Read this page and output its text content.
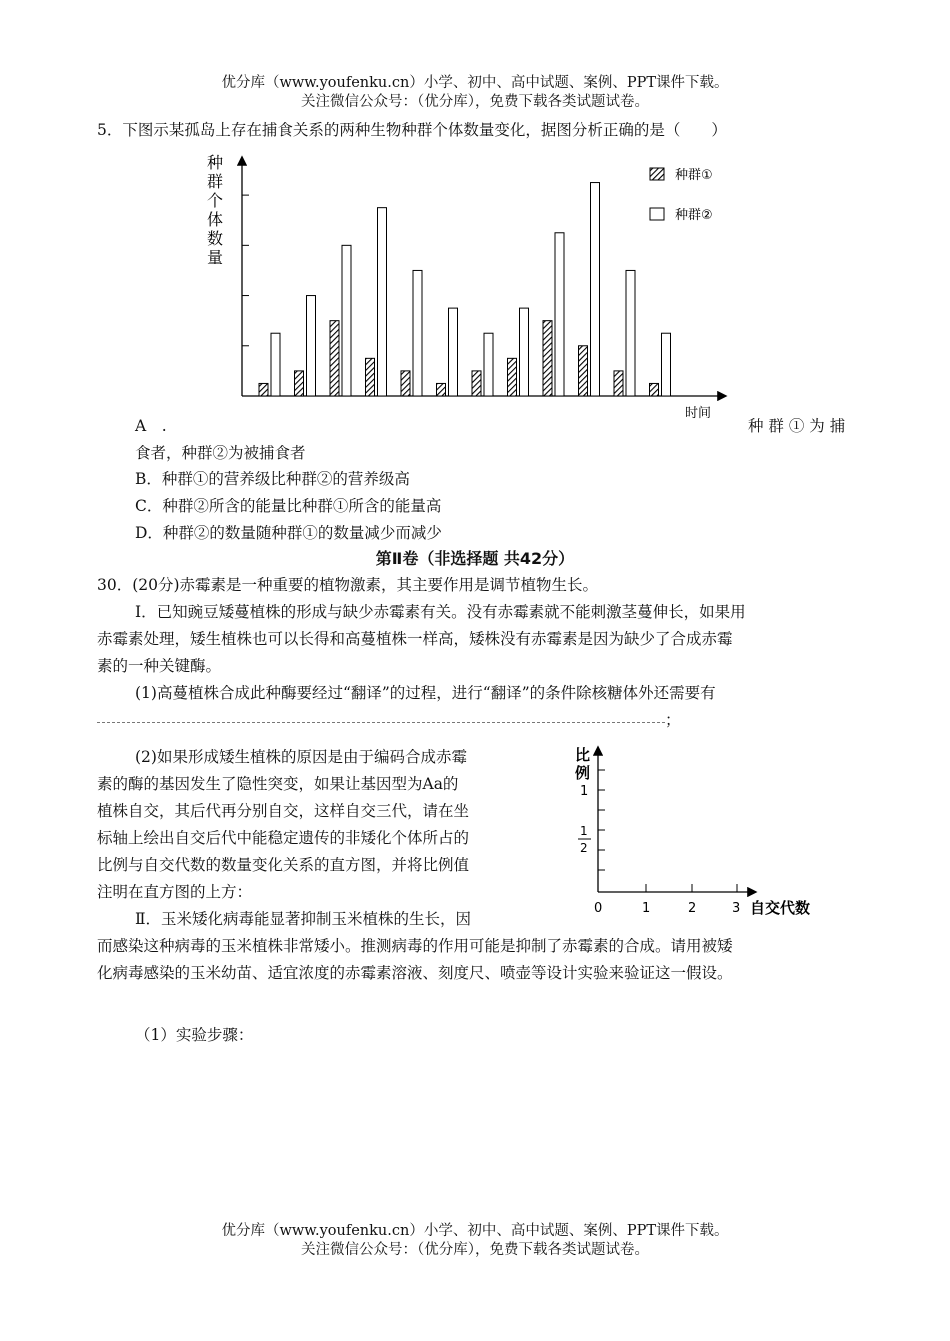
优分库（www.youfenku.cn）小学、初中、高中试题、案例、PPT课件下载。
关注微信公众号：（优分库），免费下载各类试题试卷。
5．下图示某孤岛上存在捕食关系的两种生物种群个体数量变化，据图分析正确的是（　　）
种
群
个
体
数
量
时间
种群①
种群②
A　.	种 群 ① 为 捕
食者，种群②为被捕食者
B．种群①的营养级比种群②的营养级高
C．种群②所含的能量比种群①所含的能量高
D．种群②的数量随种群①的数量减少而减少
第Ⅱ卷（非选择题 共42分）
30．(20分)赤霉素是一种重要的植物激素，其主要作用是调节植物生长。
Ⅰ．已知豌豆矮蔓植株的形成与缺少赤霉素有关。没有赤霉素就不能刺激茎蔓伸长，如果用
赤霉素处理，矮生植株也可以长得和高蔓植株一样高，矮株没有赤霉素是因为缺少了合成赤霉
素的一种关键酶。
(1)高蔓植株合成此种酶要经过“翻译”的过程，进行“翻译”的条件除核糖体外还需要有
；
(2)如果形成矮生植株的原因是由于编码合成赤霉
素的酶的基因发生了隐性突变，如果让基因型为Aa的
植株自交，其后代再分别自交，这样自交三代，请在坐
标轴上绘出自交后代中能稳定遗传的非矮化个体所占的
比例与自交代数的数量变化关系的直方图，并将比例值
注明在直方图的上方：
比
例
1
1
2
0	1	2	3 自交代数
Ⅱ．玉米矮化病毒能显著抑制玉米植株的生长，因
而感染这种病毒的玉米植株非常矮小。推测病毒的作用可能是抑制了赤霉素的合成。请用被矮
化病毒感染的玉米幼苗、适宜浓度的赤霉素溶液、刻度尺、喷壶等设计实验来验证这一假设。
（1）实验步骤：
优分库（www.youfenku.cn）小学、初中、高中试题、案例、PPT课件下载。
关注微信公众号：（优分库），免费下载各类试题试卷。
